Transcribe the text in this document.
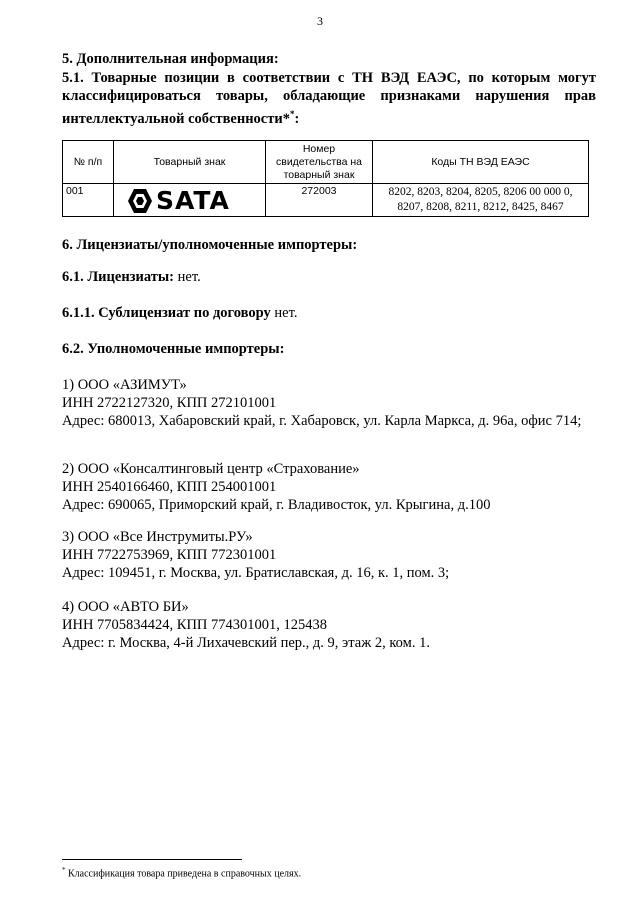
3
5. Дополнительная информация:
5.1. Товарные позиции в соответствии с ТН ВЭД ЕАЭС, по которым могут классифицироваться товары, обладающие признаками нарушения прав интеллектуальной собственности**:
№ п/п	Товарный знак	Номер свидетельства на товарный знак	Коды ТН ВЭД ЕАЭС
001	SATA	272003	8202, 8203, 8204, 8205, 8206 00 000 0, 8207, 8208, 8211, 8212, 8425, 8467
6. Лицензиаты/уполномоченные импортеры:
6.1. Лицензиаты: нет.
6.1.1. Сублицензиат по договору нет.
6.2. Уполномоченные импортеры:
1) ООО «АЗИМУТ»
ИНН 2722127320, КПП 272101001
Адрес: 680013, Хабаровский край, г. Хабаровск, ул. Карла Маркса, д. 96а, офис 714;
2) ООО «Консалтинговый центр «Страхование»
ИНН 2540166460, КПП 254001001
Адрес: 690065, Приморский край, г. Владивосток, ул. Крыгина, д.100
3) ООО «Все Инструмиты.РУ»
ИНН 7722753969, КПП 772301001
Адрес: 109451, г. Москва, ул. Братиславская, д. 16, к. 1, пом. 3;
4) ООО «АВТО БИ»
ИНН 7705834424, КПП 774301001, 125438
Адрес: г. Москва, 4-й Лихачевский пер., д. 9, этаж 2, ком. 1.
* Классификация товара приведена в справочных целях.
